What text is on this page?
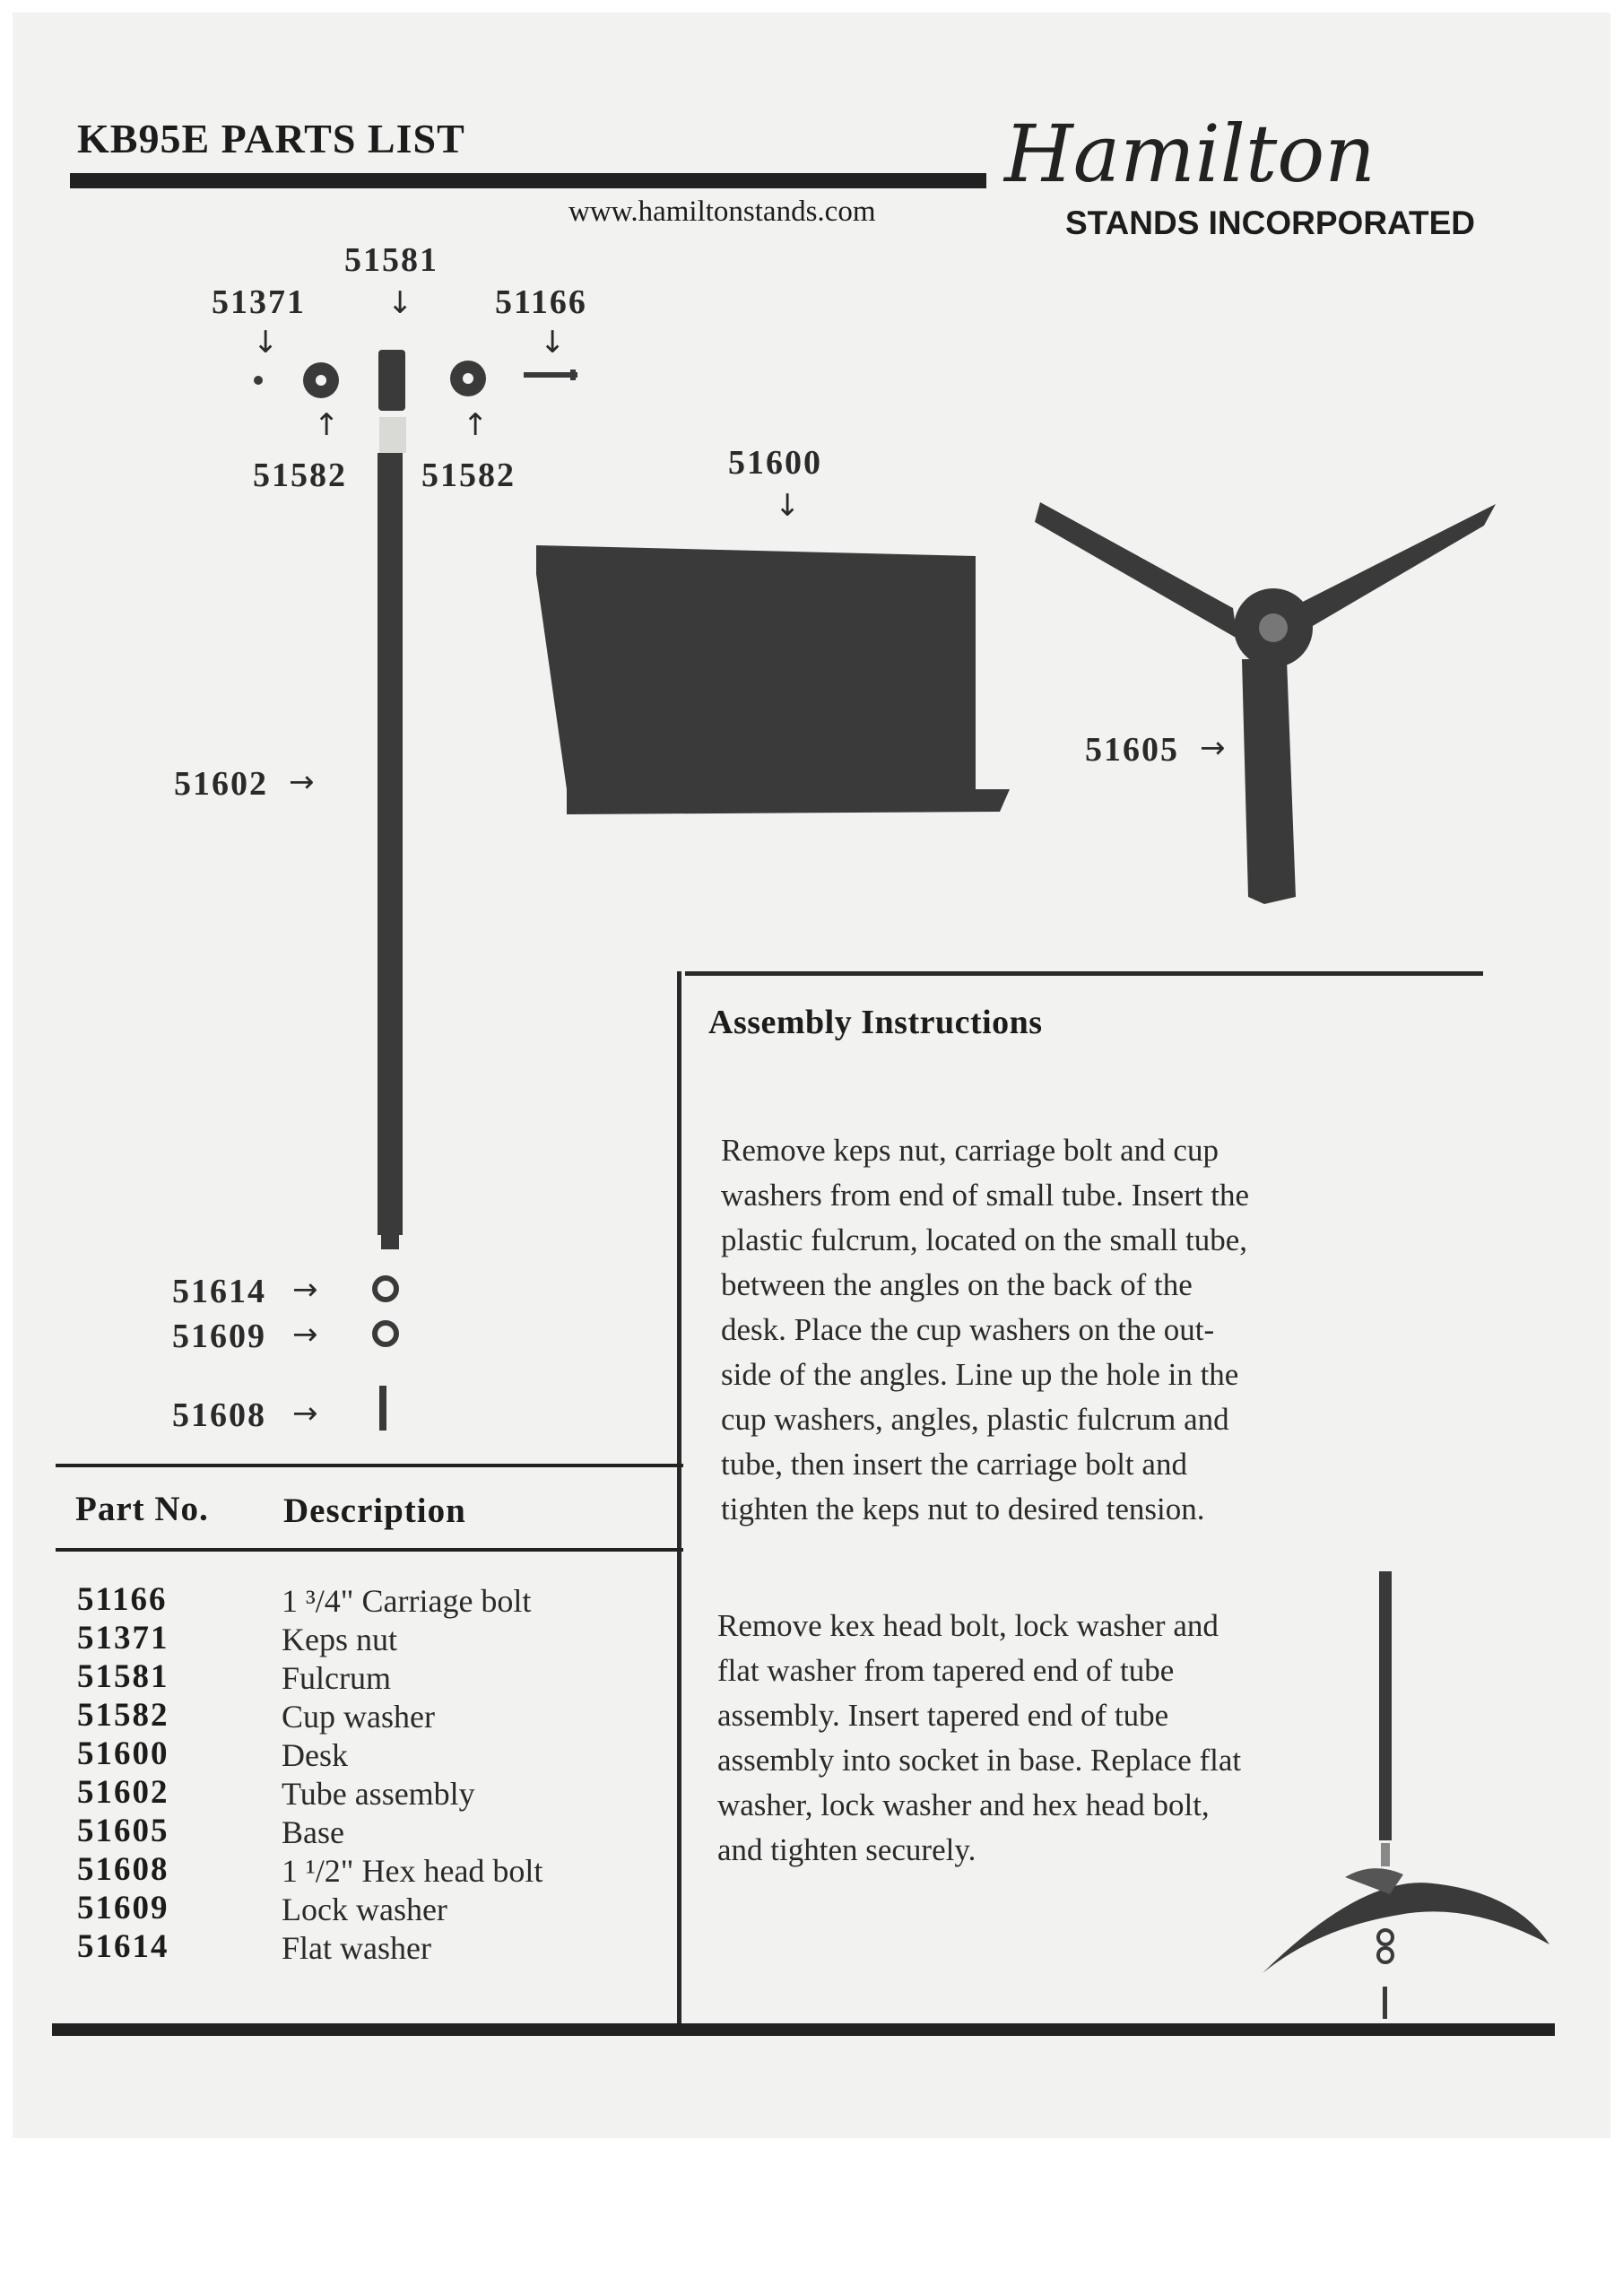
KB95E PARTS LIST
www.hamiltonstands.com
Hamilton
STANDS INCORPORATED
51581
↓
51371
↓
51166
↓
↑
51582
↑
51582	51600
↓
51605 →
51602 →
51614 →
51609 →
51608 →
Assembly Instructions
Remove keps nut, carriage bolt and cup
washers from end of small tube. Insert the
plastic fulcrum, located on the small tube,
between the angles on the back of the
desk. Place the cup washers on the out-
side of the angles. Line up the hole in the
cup washers, angles, plastic fulcrum and
tube, then insert the carriage bolt and
tighten the keps nut to desired tension.
Remove kex head bolt, lock washer and
flat washer from tapered end of tube
assembly. Insert tapered end of tube
assembly into socket in base. Replace flat
washer, lock washer and hex head bolt,
and tighten securely.
Part No. Description
51166	1 ³/4" Carriage bolt
51371	Keps nut
51581	Fulcrum
51582	Cup washer
51600	Desk
51602	Tube assembly
51605	Base
51608	1 ¹/2" Hex head bolt
51609	Lock washer
51614	Flat washer
